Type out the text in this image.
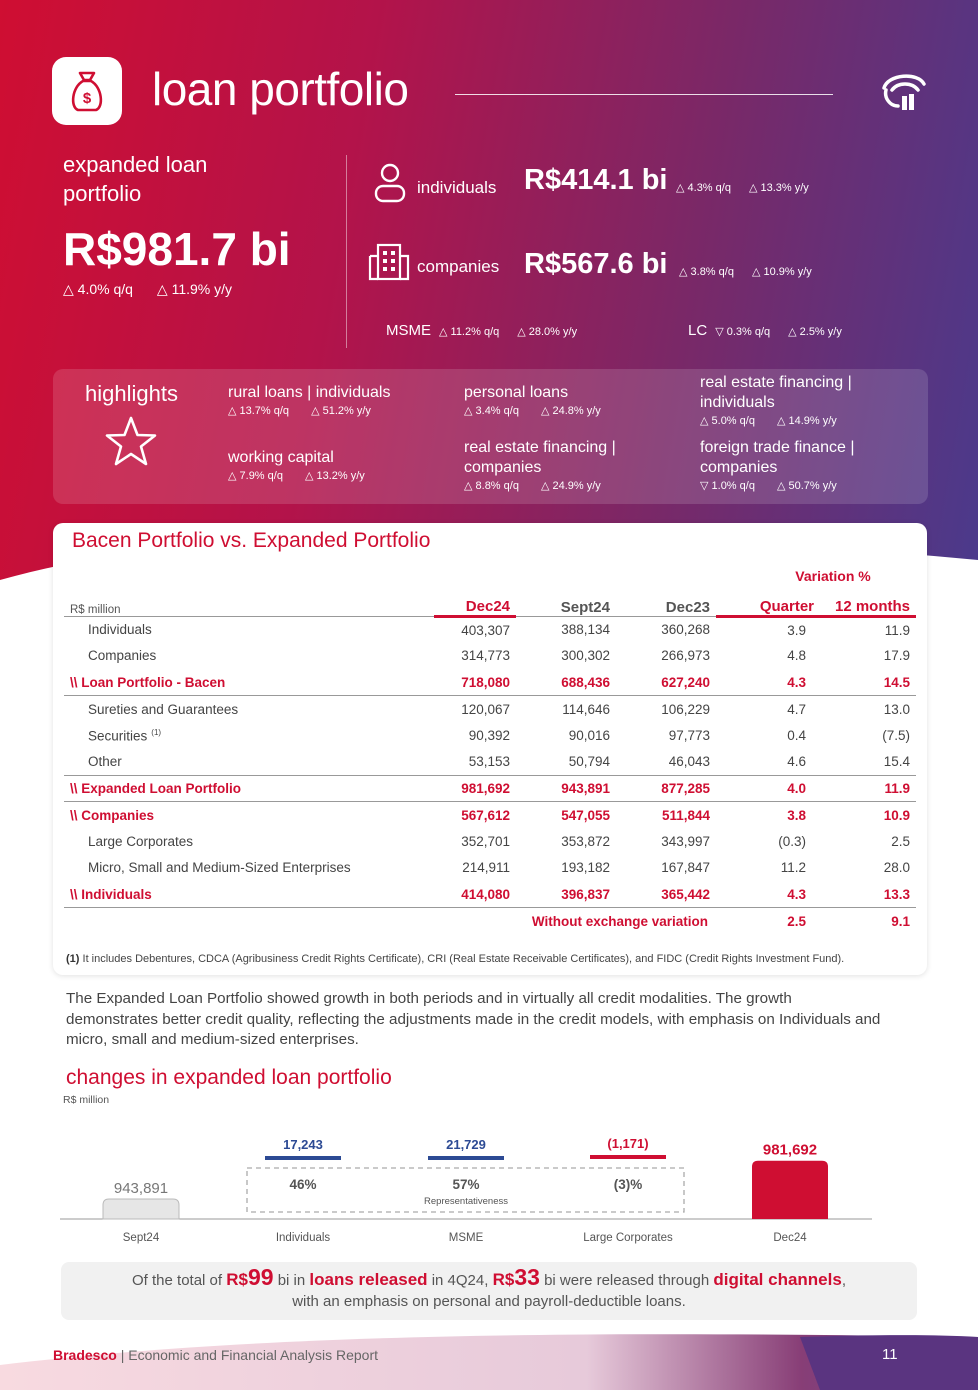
$ loan portfolio
expanded loan
portfolio
R$981.7 bi
△ 4.0% q/q △ 11.9% y/y
individuals R$414.1 bi △ 4.3% q/q △ 13.3% y/y
companies R$567.6 bi △ 3.8% q/q △ 10.9% y/y
MSME △ 11.2% q/q △ 28.0% y/y	LC ▽ 0.3% q/q △ 2.5% y/y
highlights	rural loans | individuals
△ 13.7% q/q △ 51.2% y/y
working capital
△ 7.9% q/q △ 13.2% y/y
personal loans
△ 3.4% q/q △ 24.8% y/y
real estate financing |
companies
△ 8.8% q/q △ 24.9% y/y
real estate financing |
individuals
△ 5.0% q/q △ 14.9% y/y
foreign trade finance |
companies
▽ 1.0% q/q △ 50.7% y/y
Bacen Portfolio vs. Expanded Portfolio
				Variation %	
R$ million	Dec24	Sept24	Dec23	Quarter	12 months
Individuals	403,307	388,134	360,268	3.9	11.9
Companies	314,773	300,302	266,973	4.8	17.9
\\ Loan Portfolio - Bacen	718,080	688,436	627,240	4.3	14.5
Sureties and Guarantees	120,067	114,646	106,229	4.7	13.0
Securities $^{(1)}$	90,392	90,016	97,773	0.4	(7.5)
Other	53,153	50,794	46,043	4.6	15.4
\\ Expanded Loan Portfolio	981,692	943,891	877,285	4.0	11.9
\\ Companies	567,612	547,055	511,844	3.8	10.9
Large Corporates	352,701	353,872	343,997	(0.3)	2.5
Micro, Small and Medium-Sized Enterprises	214,911	193,182	167,847	11.2	28.0
\\ Individuals	414,080	396,837	365,442	4.3	13.3
Without exchange variation				2.5	9.1
(1) It includes Debentures, CDCA (Agribusiness Credit Rights Certificate), CRI (Real Estate Receivable Certificates), and FIDC (Credit Rights Investment Fund).
The Expanded Loan Portfolio showed growth in both periods and in virtually all credit modalities. The growth demonstrates better credit quality, reflecting the adjustments made in the credit models, with emphasis on Individuals and micro, small and medium-sized enterprises.
changes in expanded loan portfolio
R$ million
943,891
981,692
17,243	21,729	(1,171)
46%	57%	(3)%
Representativeness
Sept24	Individuals	MSME	Large Corporates	Dec24
Of the total of R$99 bi in loans released in 4Q24, R$33 bi were released through digital channels,
with an emphasis on personal and payroll-deductible loans.
Bradesco | Economic and Financial Analysis Report	11
